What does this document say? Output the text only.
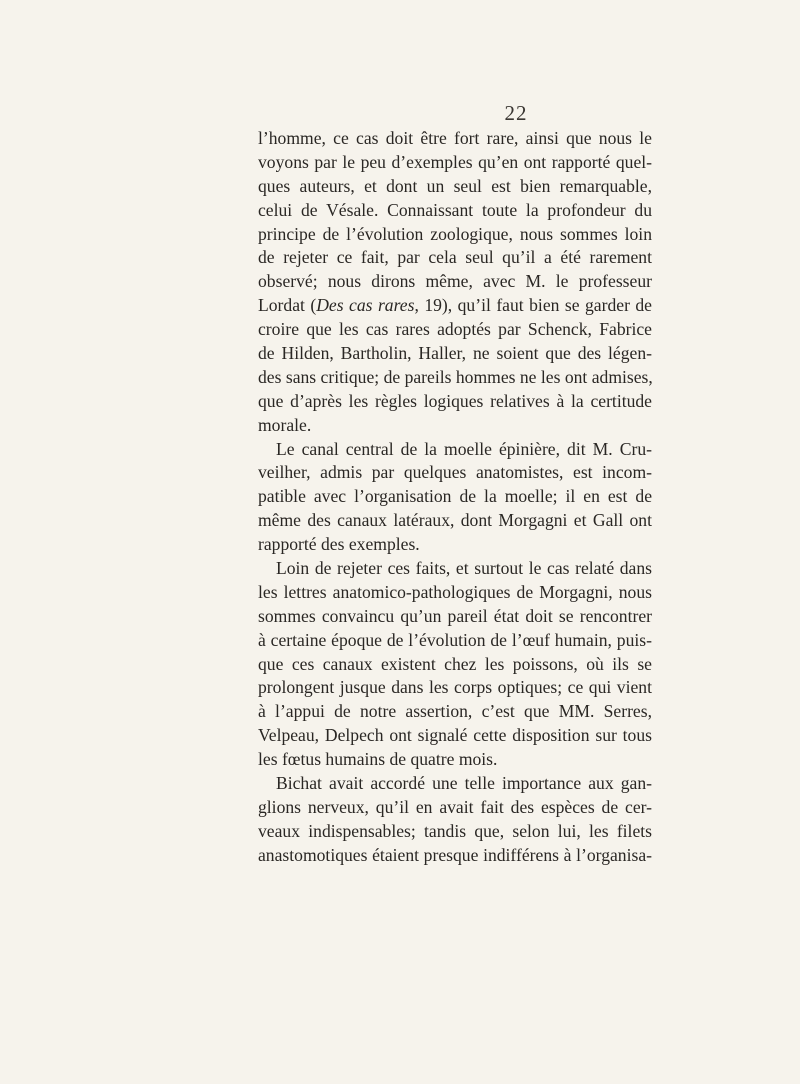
22
l’homme, ce cas doit être fort rare, ainsi que nous le
voyons par le peu d’exemples qu’en ont rapporté quel-
ques auteurs, et dont un seul est bien remarquable,
celui de Vésale. Connaissant toute la profondeur du
principe de l’évolution zoologique, nous sommes loin
de rejeter ce fait, par cela seul qu’il a été rarement
observé; nous dirons même, avec M. le professeur
Lordat (Des cas rares, 19), qu’il faut bien se garder de
croire que les cas rares adoptés par Schenck, Fabrice
de Hilden, Bartholin, Haller, ne soient que des légen-
des sans critique; de pareils hommes ne les ont admises,
que d’après les règles logiques relatives à la certitude
morale.
Le canal central de la moelle épinière, dit M. Cru-
veilher, admis par quelques anatomistes, est incom-
patible avec l’organisation de la moelle; il en est de
même des canaux latéraux, dont Morgagni et Gall ont
rapporté des exemples.
Loin de rejeter ces faits, et surtout le cas relaté dans
les lettres anatomico-pathologiques de Morgagni, nous
sommes convaincu qu’un pareil état doit se rencontrer
à certaine époque de l’évolution de l’œuf humain, puis-
que ces canaux existent chez les poissons, où ils se
prolongent jusque dans les corps optiques; ce qui vient
à l’appui de notre assertion, c’est que MM. Serres,
Velpeau, Delpech ont signalé cette disposition sur tous
les fœtus humains de quatre mois.
Bichat avait accordé une telle importance aux gan-
glions nerveux, qu’il en avait fait des espèces de cer-
veaux indispensables; tandis que, selon lui, les filets
anastomotiques étaient presque indifférens à l’organisa-
